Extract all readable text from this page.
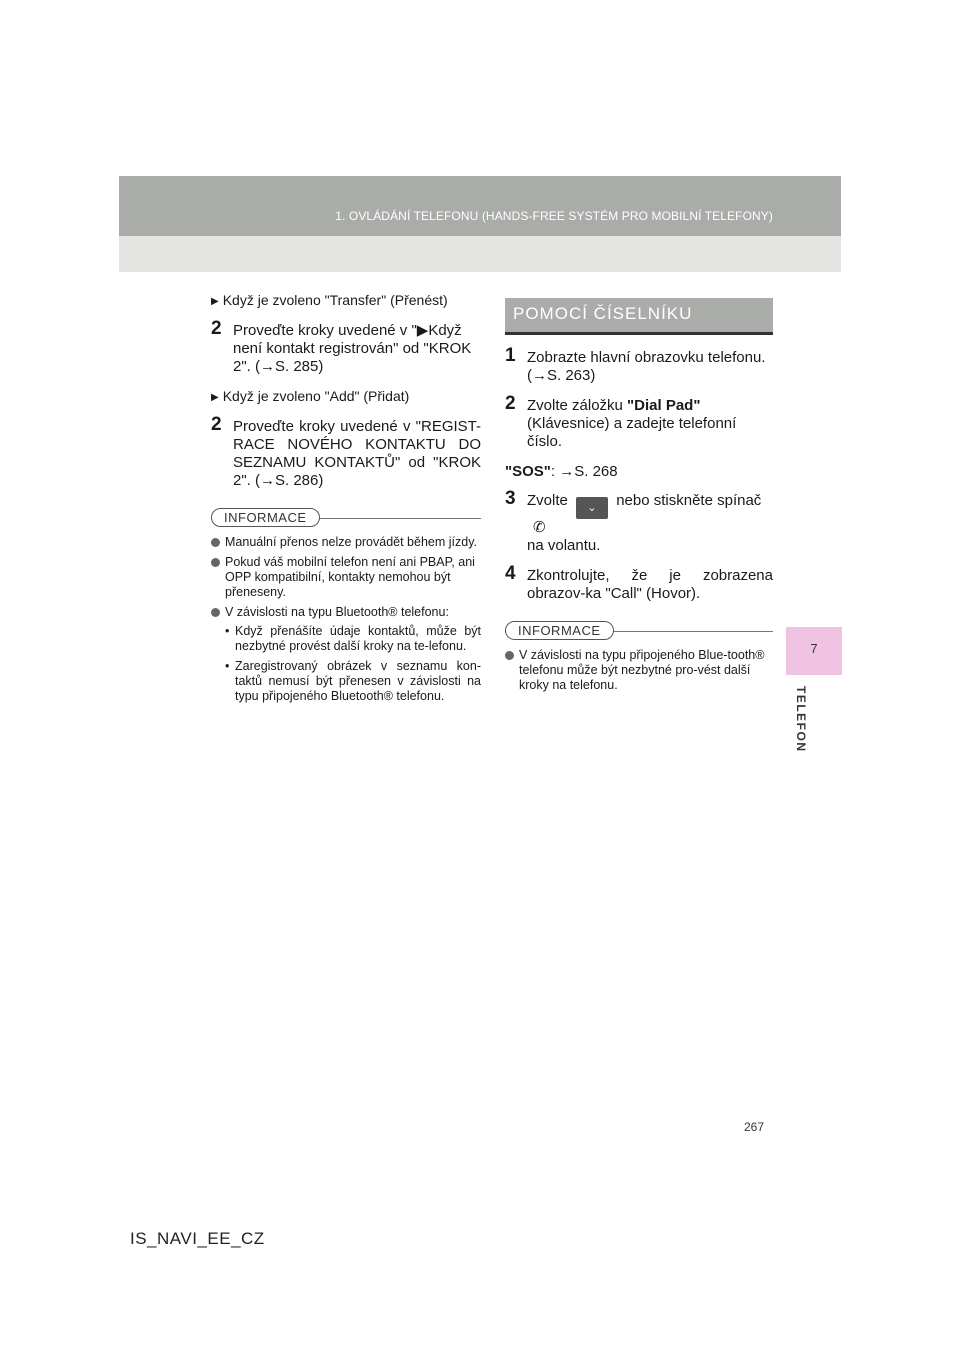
1. OVLÁDÁNÍ TELEFONU (HANDS-FREE SYSTÉM PRO MOBILNÍ TELEFONY)
7
TELEFON
▶ Když je zvoleno "Transfer" (Přenést)
2 Proveďte kroky uvedené v "▶Když není kontakt registrován" od "KROK 2". (→S. 285)
▶ Když je zvoleno "Add" (Přidat)
2 Proveďte kroky uvedené v "REGIST-RACE NOVÉHO KONTAKTU DO SEZNAMU KONTAKTŮ" od "KROK 2". (→S. 286)
INFORMACE
Manuální přenos nelze provádět během jízdy.
Pokud váš mobilní telefon není ani PBAP, ani OPP kompatibilní, kontakty nemohou být přeneseny.
V závislosti na typu Bluetooth® telefonu:
• Když přenášíte údaje kontaktů, může být nezbytné provést další kroky na te-lefonu.
• Zaregistrovaný obrázek v seznamu kon-taktů nemusí být přenesen v závislosti na typu připojeného Bluetooth® telefonu.
POMOCÍ ČÍSELNÍKU
1 Zobrazte hlavní obrazovku telefonu. (→S. 263)
2 Zvolte záložku "Dial Pad" (Klávesnice) a zadejte telefonní číslo.
"SOS": →S. 268
3 Zvolte ⌄ nebo stiskněte spínač✆
na volantu.
4 Zkontrolujte, že je zobrazena obrazov-ka "Call" (Hovor).
INFORMACE
V závislosti na typu připojeného Blue-tooth® telefonu může být nezbytné pro-vést další kroky na telefonu.
267
IS_NAVI_EE_CZ
